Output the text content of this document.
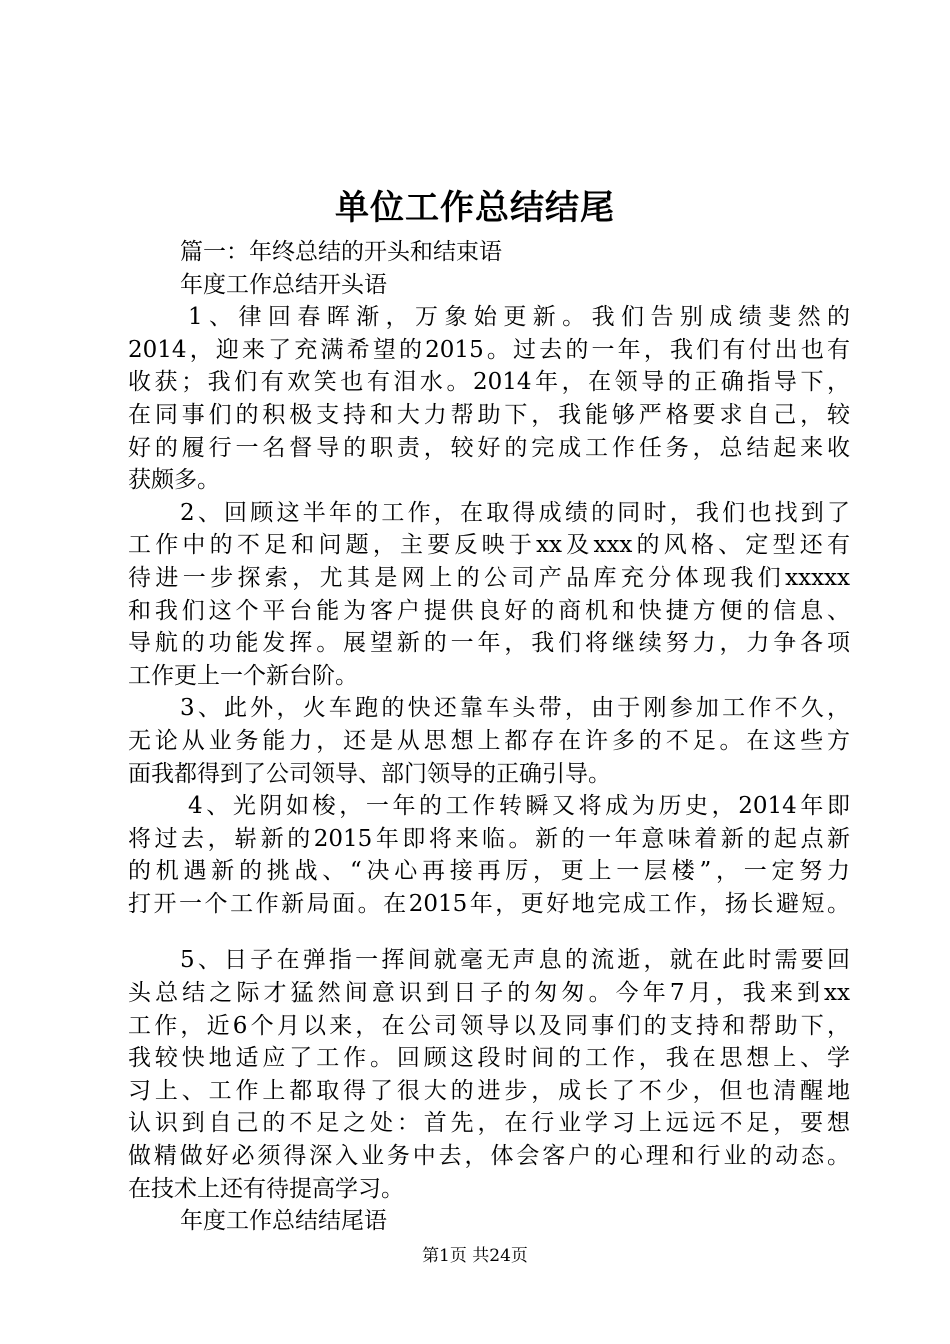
单位工作总结结尾
篇一：年终总结的开头和结束语
年度工作总结开头语
1、律回春晖渐，万象始更新。我们告别成绩斐然的
2014，迎来了充满希望的2015。过去的一年，我们有付出也有
收获；我们有欢笑也有泪水。2014年，在领导的正确指导下，
在同事们的积极支持和大力帮助下，我能够严格要求自己，较
好的履行一名督导的职责，较好的完成工作任务，总结起来收
获颇多。
2、回顾这半年的工作，在取得成绩的同时，我们也找到了
工作中的不足和问题，主要反映于xx及xxx的风格、定型还有
待进一步探索，尤其是网上的公司产品库充分体现我们xxxxx
和我们这个平台能为客户提供良好的商机和快捷方便的信息、
导航的功能发挥。展望新的一年，我们将继续努力，力争各项
工作更上一个新台阶。
3、此外，火车跑的快还靠车头带，由于刚参加工作不久，
无论从业务能力，还是从思想上都存在许多的不足。在这些方
面我都得到了公司领导、部门领导的正确引导。
4、光阴如梭，一年的工作转瞬又将成为历史，2014年即
将过去，崭新的2015年即将来临。新的一年意味着新的起点新
的机遇新的挑战、“决心再接再厉，更上一层楼”，一定努力
打开一个工作新局面。在2015年，更好地完成工作，扬长避短。
5、日子在弹指一挥间就毫无声息的流逝，就在此时需要回
头总结之际才猛然间意识到日子的匆匆。今年7月，我来到xx
工作，近6个月以来，在公司领导以及同事们的支持和帮助下，
我较快地适应了工作。回顾这段时间的工作，我在思想上、学
习上、工作上都取得了很大的进步，成长了不少，但也清醒地
认识到自己的不足之处：首先，在行业学习上远远不足，要想
做精做好必须得深入业务中去，体会客户的心理和行业的动态。
在技术上还有待提高学习。
年度工作总结结尾语
第1页 共24页
